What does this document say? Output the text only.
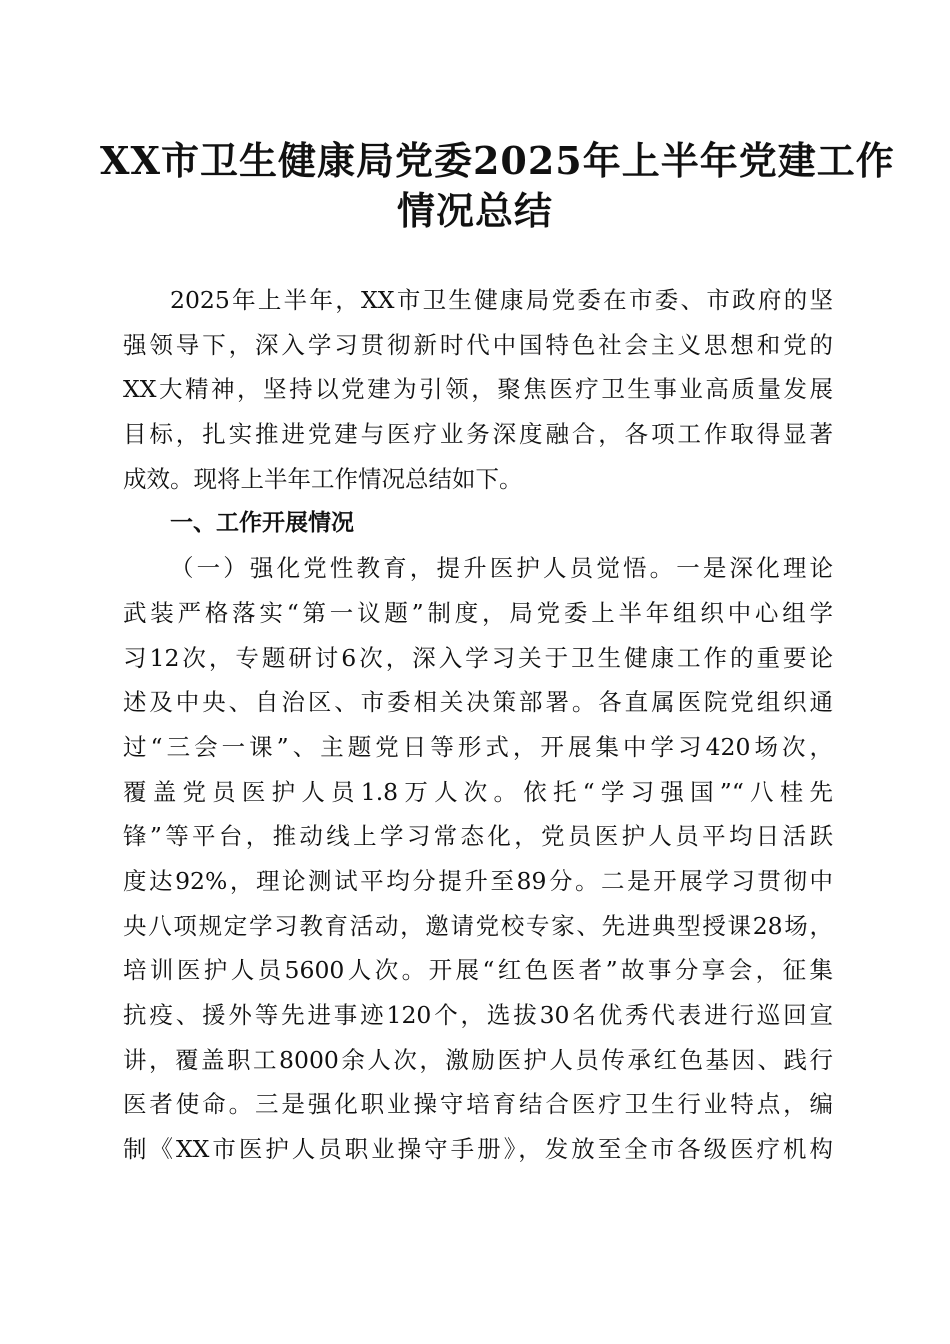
XX市卫生健康局党委2025年上半年党建工作
情况总结
2025年上半年，XX市卫生健康局党委在市委、市政府的坚
强领导下，深入学习贯彻新时代中国特色社会主义思想和党的
XX大精神，坚持以党建为引领，聚焦医疗卫生事业高质量发展
目标，扎实推进党建与医疗业务深度融合，各项工作取得显著
成效。现将上半年工作情况总结如下。
一、工作开展情况
（一）强化党性教育，提升医护人员觉悟。一是深化理论
武装严格落实“第一议题”制度，局党委上半年组织中心组学
习12次，专题研讨6次，深入学习关于卫生健康工作的重要论
述及中央、自治区、市委相关决策部署。各直属医院党组织通
过“三会一课”、主题党日等形式，开展集中学习420场次，
覆盖党员医护人员1.8万人次。依托“学习强国”“八桂先
锋”等平台，推动线上学习常态化，党员医护人员平均日活跃
度达92%，理论测试平均分提升至89分。二是开展学习贯彻中
央八项规定学习教育活动，邀请党校专家、先进典型授课28场，
培训医护人员5600人次。开展“红色医者”故事分享会，征集
抗疫、援外等先进事迹120个，选拔30名优秀代表进行巡回宣
讲，覆盖职工8000余人次，激励医护人员传承红色基因、践行
医者使命。三是强化职业操守培育结合医疗卫生行业特点，编
制《XX市医护人员职业操守手册》，发放至全市各级医疗机构
